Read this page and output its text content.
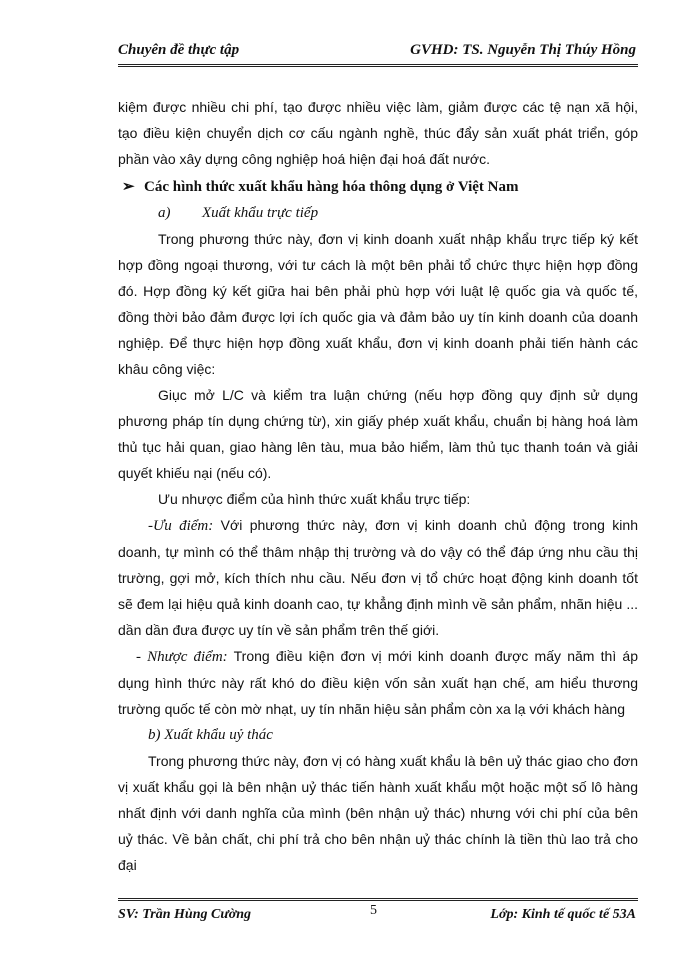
Chuyên đề thực tập	GVHD: TS. Nguyễn Thị Thúy Hồng

kiệm được nhiều chi phí, tạo được nhiều việc làm, giảm được các tệ nạn xã hội, tạo điều kiện chuyển dịch cơ cấu ngành nghề, thúc đẩy sản xuất phát triển, góp phần vào xây dựng công nghiệp hoá hiện đại hoá đất nước.

➢ Các hình thức xuất khẩu hàng hóa thông dụng ở Việt Nam

a) Xuất khẩu trực tiếp

Trong phương thức này, đơn vị kinh doanh xuất nhập khẩu trực tiếp ký kết hợp đồng ngoại thương, với tư cách là một bên phải tổ chức thực hiện hợp đồng đó. Hợp đồng ký kết giữa hai bên phải phù hợp với luật lệ quốc gia và quốc tế, đồng thời bảo đảm được lợi ích quốc gia và đảm bảo uy tín kinh doanh của doanh nghiệp. Để thực hiện hợp đồng xuất khẩu, đơn vị kinh doanh phải tiến hành các khâu công việc:

Giục mở L/C và kiểm tra luận chứng (nếu hợp đồng quy định sử dụng phương pháp tín dụng chứng từ), xin giấy phép xuất khẩu, chuẩn bị hàng hoá làm thủ tục hải quan, giao hàng lên tàu, mua bảo hiểm, làm thủ tục thanh toán và giải quyết khiếu nại (nếu có).

Ưu nhược điểm của hình thức xuất khẩu trực tiếp:

-Ưu điểm: Với phương thức này, đơn vị kinh doanh chủ động trong kinh doanh, tự mình có thể thâm nhập thị trường và do vậy có thể đáp ứng nhu cầu thị trường, gợi mở, kích thích nhu cầu. Nếu đơn vị tổ chức hoạt động kinh doanh tốt sẽ đem lại hiệu quả kinh doanh cao, tự khẳng định mình về sản phẩm, nhãn hiệu ... dần dần đưa được uy tín về sản phẩm trên thế giới.

- Nhược điểm: Trong điều kiện đơn vị mới kinh doanh được mấy năm thì áp dụng hình thức này rất khó do điều kiện vốn sản xuất hạn chế, am hiểu thương trường quốc tế còn mờ nhạt, uy tín nhãn hiệu sản phẩm còn xa lạ với khách hàng

b) Xuất khẩu uỷ thác

Trong phương thức này, đơn vị có hàng xuất khẩu là bên uỷ thác giao cho đơn vị xuất khẩu gọi là bên nhận uỷ thác tiến hành xuất khẩu một hoặc một số lô hàng nhất định với danh nghĩa của mình (bên nhận uỷ thác) nhưng với chi phí của bên uỷ thác. Về bản chất, chi phí trả cho bên nhận uỷ thác chính là tiền thù lao trả cho đại

SV: Trần Hùng Cường	5	Lớp: Kinh tế quốc tế 53A
